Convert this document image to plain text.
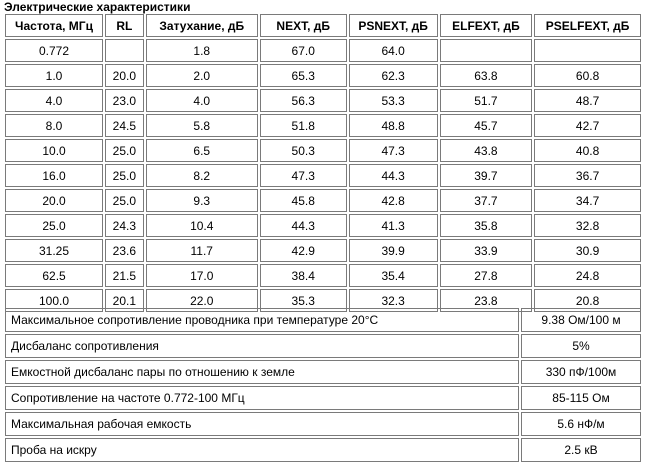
Электрические характеристики
Частота, МГц	RL	Затухание, дБ	NEXT, дБ	PSNEXT, дБ	ELFEXT, дБ	PSELFEXT, дБ
0.772		1.8	67.0	64.0		
1.0	20.0	2.0	65.3	62.3	63.8	60.8
4.0	23.0	4.0	56.3	53.3	51.7	48.7
8.0	24.5	5.8	51.8	48.8	45.7	42.7
10.0	25.0	6.5	50.3	47.3	43.8	40.8
16.0	25.0	8.2	47.3	44.3	39.7	36.7
20.0	25.0	9.3	45.8	42.8	37.7	34.7
25.0	24.3	10.4	44.3	41.3	35.8	32.8
31.25	23.6	11.7	42.9	39.9	33.9	30.9
62.5	21.5	17.0	38.4	35.4	27.8	24.8
100.0	20.1	22.0	35.3	32.3	23.8	20.8
Максимальное сопротивление проводника при температуре 20°С	9.38 Ом/100 м
Дисбаланс сопротивления	5%
Емкостной дисбаланс пары по отношению к земле	330 пФ/100м
Сопротивление на частоте 0.772-100 МГц	85-115 Ом
Максимальная рабочая емкость	5.6 нФ/м
Проба на искру	2.5 кВ
